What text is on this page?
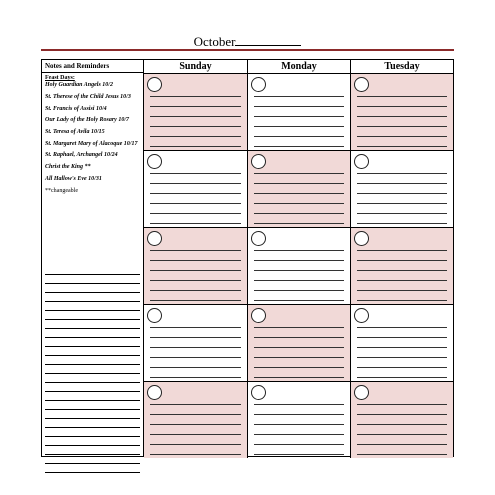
October
Notes and Reminders
Feast Days:

Holy Guardian Angels 10/2

St. Therese of the Child Jesus 10/3

St. Francis of Assisi 10/4

Our Lady of the Holy Rosary 10/7

St. Teresa of Avila 10/15

St. Margaret Mary of Alacoque 10/17

St. Raphael, Archangel 10/24

Christ the King **

All Hallow's Eve 10/31

**changeable

Sunday	Monday	Tuesday
